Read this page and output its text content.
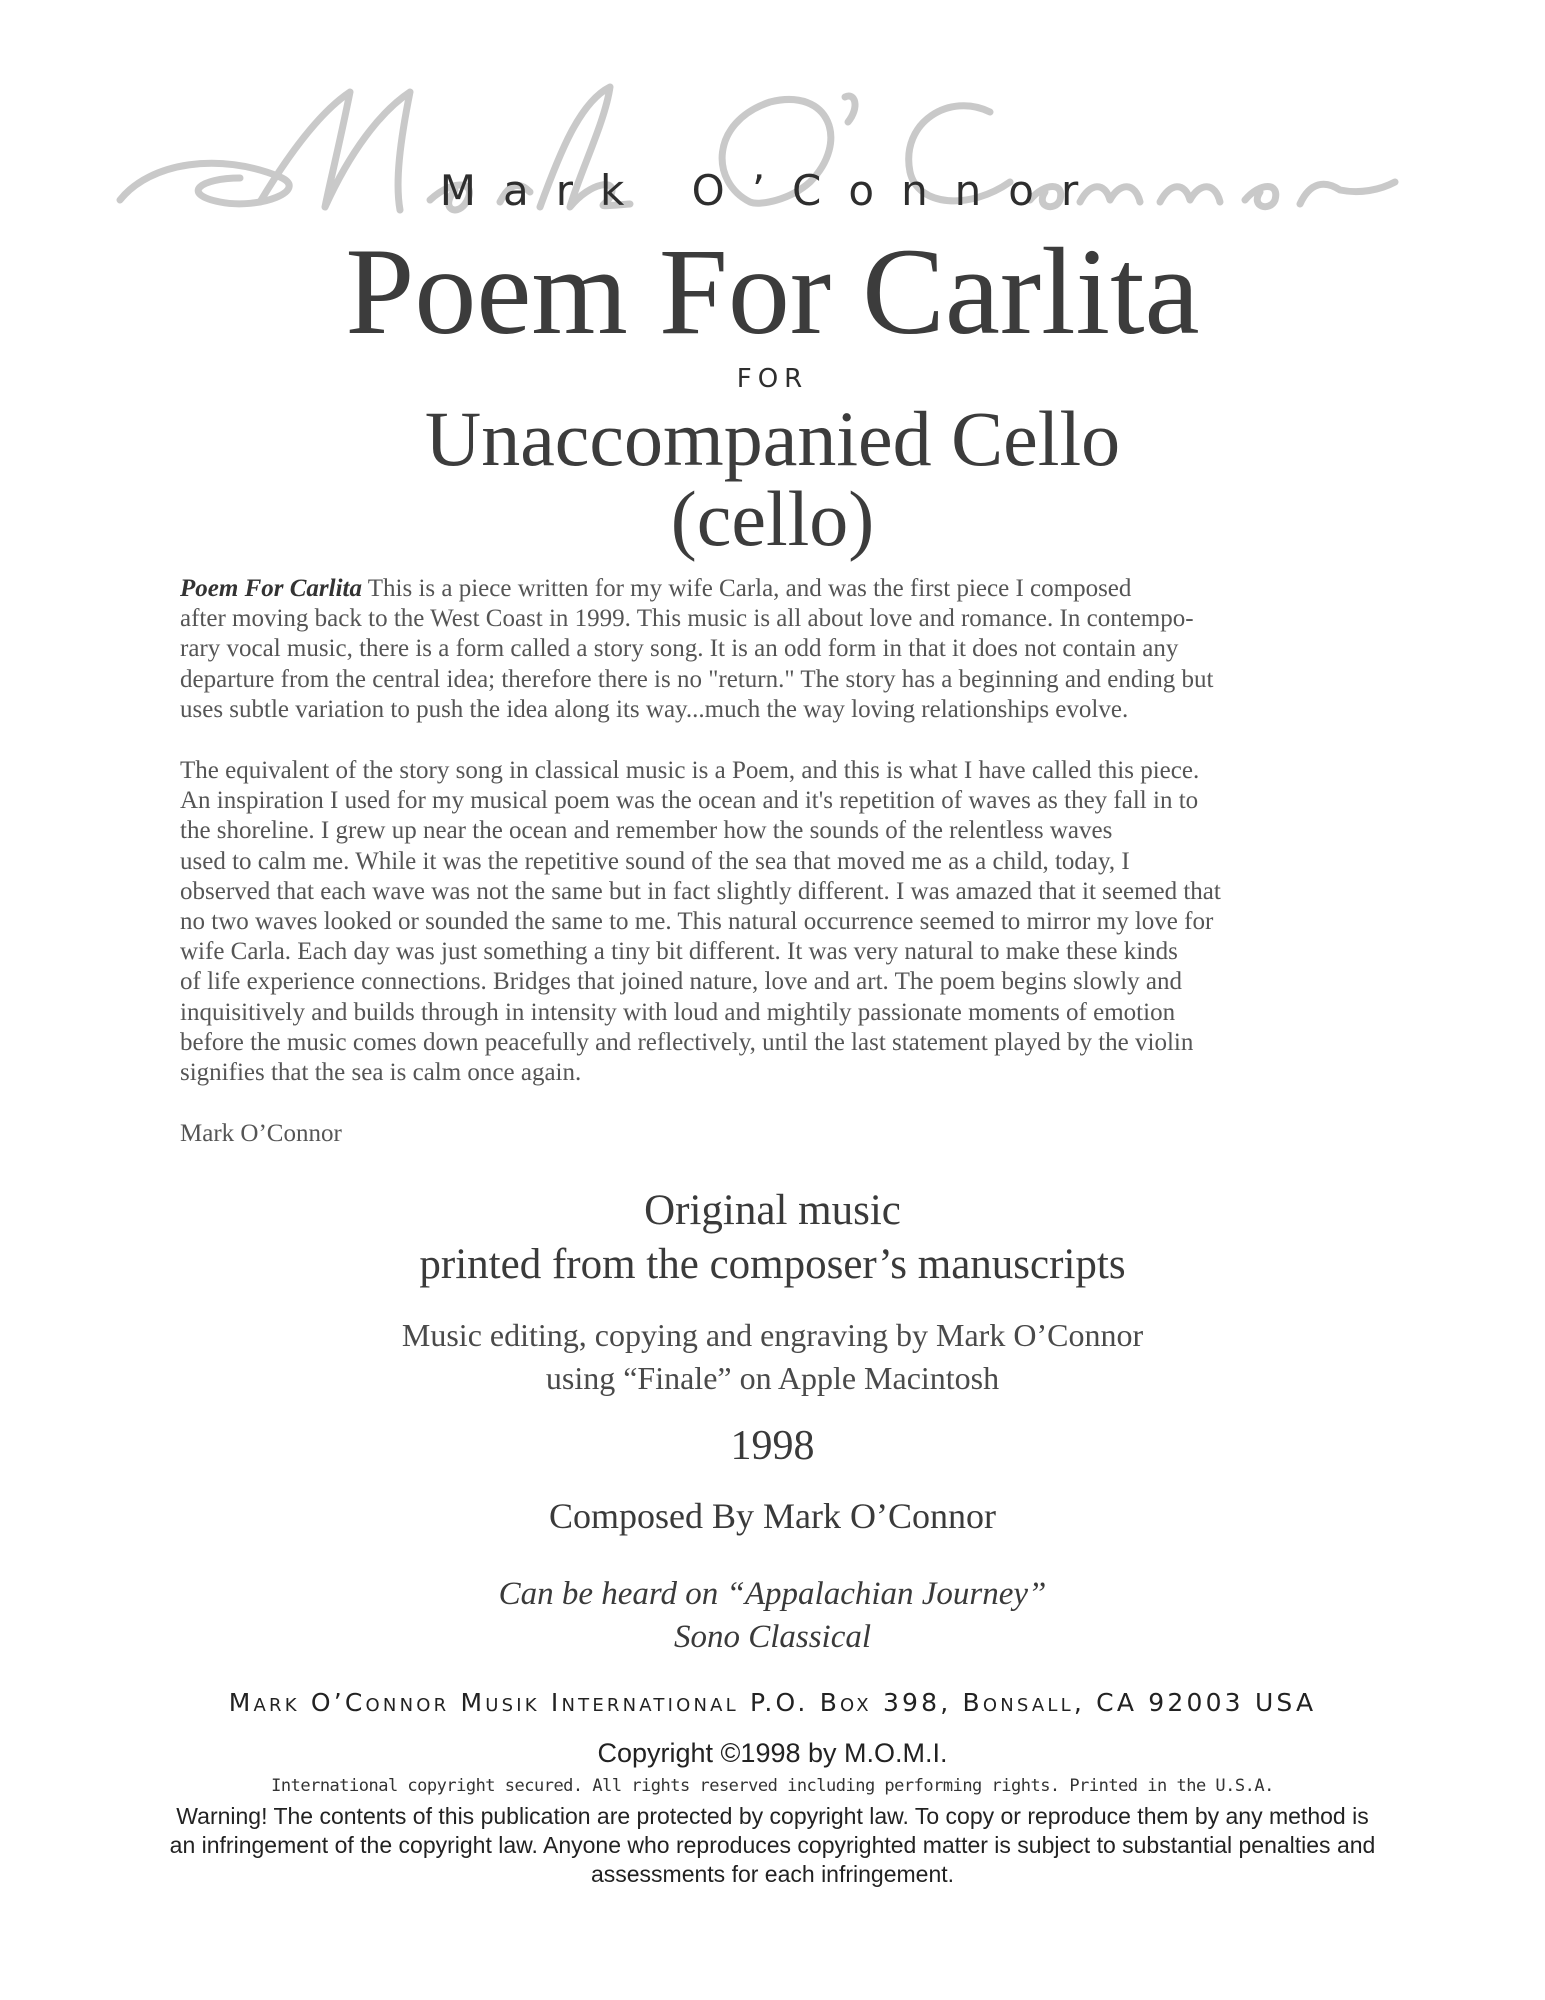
Mark O’Connor
Poem For Carlita
FOR
Unaccompanied Cello
(cello)

Poem For Carlita This is a piece written for my wife Carla, and was the first piece I composed
after moving back to the West Coast in 1999. This music is all about love and romance. In contempo-
rary vocal music, there is a form called a story song. It is an odd form in that it does not contain any
departure from the central idea; therefore there is no "return." The story has a beginning and ending but
uses subtle variation to push the idea along its way...much the way loving relationships evolve.

The equivalent of the story song in classical music is a Poem, and this is what I have called this piece.
An inspiration I used for my musical poem was the ocean and it's repetition of waves as they fall in to
the shoreline. I grew up near the ocean and remember how the sounds of the relentless waves
used to calm me. While it was the repetitive sound of the sea that moved me as a child, today, I
observed that each wave was not the same but in fact slightly different. I was amazed that it seemed that
no two waves looked or sounded the same to me. This natural occurrence seemed to mirror my love for
wife Carla. Each day was just something a tiny bit different. It was very natural to make these kinds
of life experience connections. Bridges that joined nature, love and art. The poem begins slowly and
inquisitively and builds through in intensity with loud and mightily passionate moments of emotion
before the music comes down peacefully and reflectively, until the last statement played by the violin
signifies that the sea is calm once again.

Mark O’Connor

Original music
printed from the composer’s manuscripts
Music editing, copying and engraving by Mark O’Connor
using “Finale” on Apple Macintosh
1998
Composed By Mark O’Connor
Can be heard on “Appalachian Journey”
Sono Classical
Mark O’Connor Musik International P.O. Box 398, Bonsall, CA 92003 USA
Copyright ©1998 by M.O.M.I.
International copyright secured. All rights reserved including performing rights. Printed in the U.S.A.
Warning! The contents of this publication are protected by copyright law. To copy or reproduce them by any method is
an infringement of the copyright law. Anyone who reproduces copyrighted matter is subject to substantial penalties and
assessments for each infringement.
